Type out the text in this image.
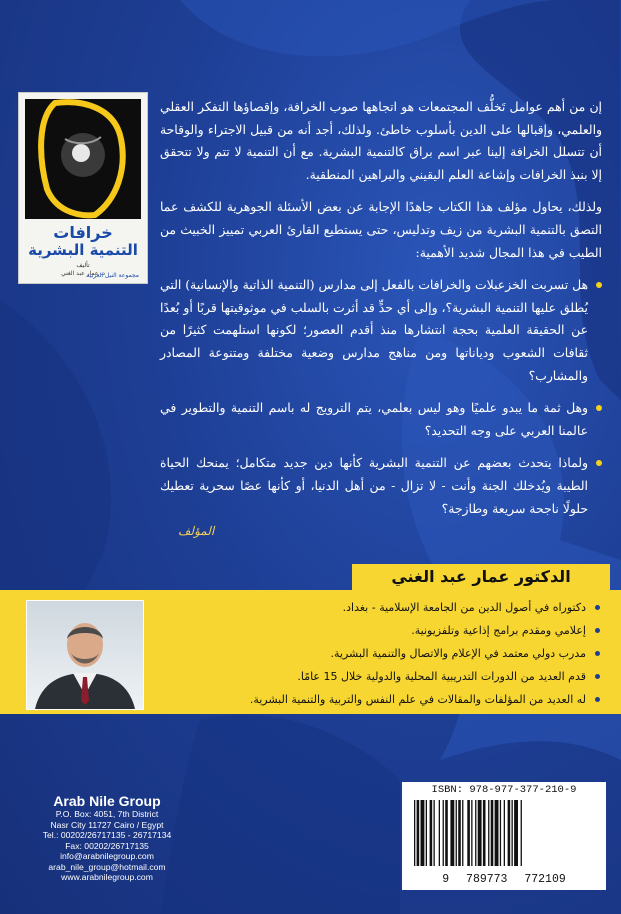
خرافات
التنمية البشرية
تأليف
د. عمار عبد الغني
مجموعة النيل العربية

إن من أهم عوامل تَخلُّف المجتمعات هو اتجاهها صوب الخرافة، وإقصاؤها التفكر العقلي والعلمي، وإقبالها على الدين بأسلوب خاطئ. ولذلك، أجد أنه من قبيل الاجتراء والوقاحة أن تتسلل الخرافة إلينا عبر اسم براق كالتنمية البشرية. مع أن التنمية لا تتم ولا تتحقق إلا بنبذ الخرافات وإشاعة العلم اليقيني والبراهين المنطقية.

ولذلك، يحاول مؤلف هذا الكتاب جاهدًا الإجابة عن بعض الأسئلة الجوهرية للكشف عما التصق بالتنمية البشرية من زيف وتدليس، حتى يستطيع القارئ العربي تمييز الخبيث من الطيب في هذا المجال شديد الأهمية:

هل تسربت الخزعبلات والخرافات بالفعل إلى مدارس (التنمية الذاتية والإنسانية) التي يُطلق عليها التنمية البشرية؟، وإلى أي حدٍّ قد أثرت بالسلب في موثوقيتها قربًا أو بُعدًا عن الحقيقة العلمية بحجة انتشارها منذ أقدم العصور؛ لكونها استلهمت كثيرًا من ثقافات الشعوب ودياناتها ومن مناهج مدارس وضعية مختلفة ومتنوعة المصادر والمشارب؟
وهل ثمة ما يبدو علميًا وهو ليس بعلمي، يتم الترويج له باسم التنمية والتطوير في عالمنا العربي على وجه التحديد؟
ولماذا يتحدث بعضهم عن التنمية البشرية كأنها دين جديد متكامل؛ يمنحك الحياة الطيبة ويُدخلك الجنة وأنت - لا تزال - من أهل الدنيا، أو كأنها عصًا سحرية تعطيك حلولًا ناجحة سريعة وطازجة؟
المؤلف
الدكتور عمار عبد الغني
دكتوراه في أصول الدين من الجامعة الإسلامية - بغداد.
إعلامي ومقدم برامج إذاعية وتلفزيونية.
مدرب دولي معتمد في الإعلام والاتصال والتنمية البشرية.
قدم العديد من الدورات التدريبية المحلية والدولية خلال 15 عامًا.
له العديد من المؤلفات والمقالات في علم النفس والتربية والتنمية البشرية.
Arab Nile Group
P.O. Box: 4051, 7th District
Nasr City 11727 Cairo / Egypt
Tel.: 00202/26717135 - 26717134
Fax: 00202/26717135
info@arabnilegroup.com
arab_nile_group@hotmail.com
www.arabnilegroup.com
ISBN: 978-977-377-210-9
9 789773 772109
